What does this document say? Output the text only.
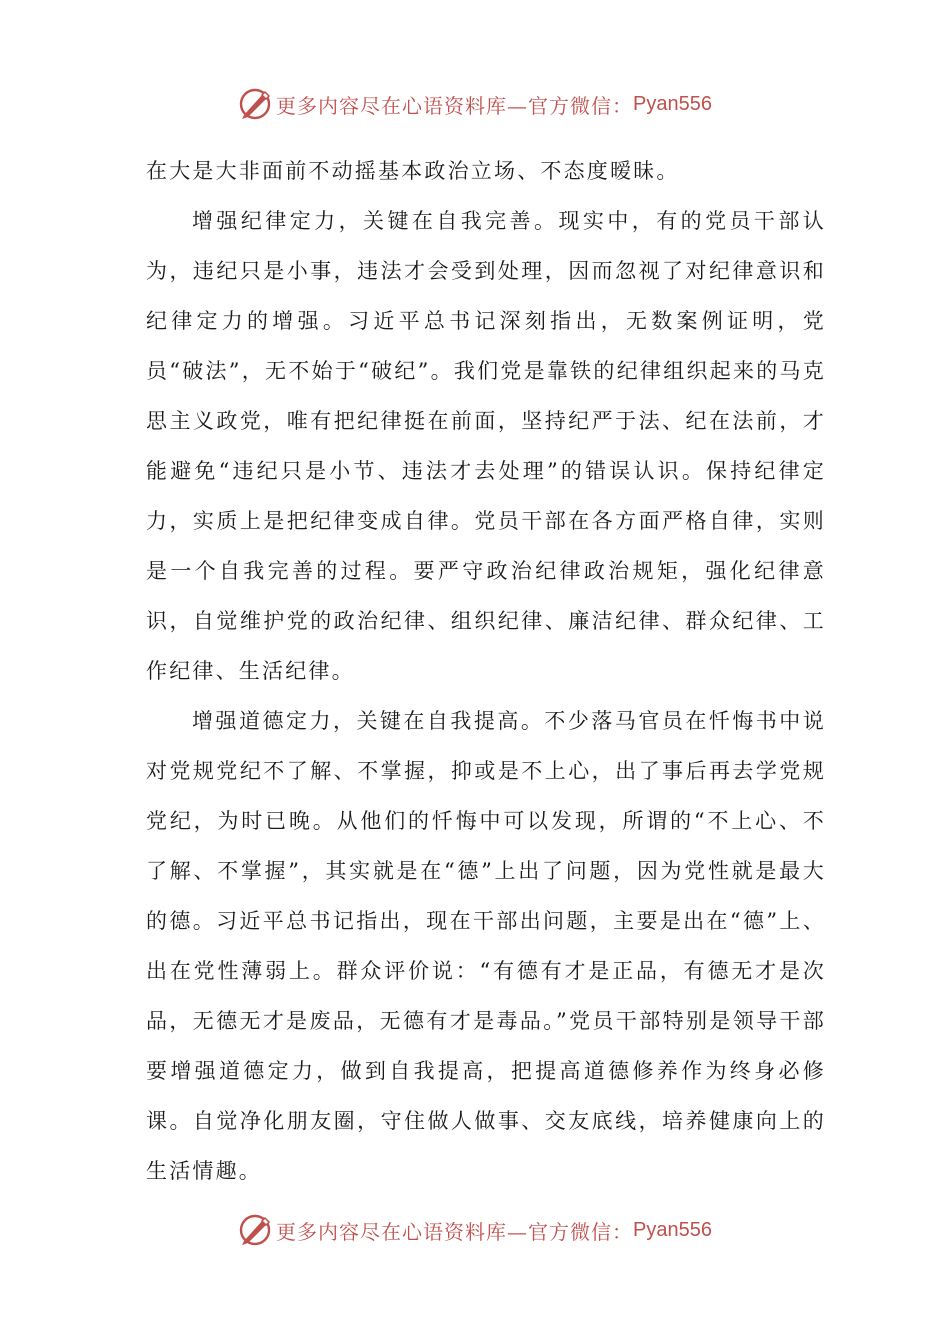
更多内容尽在心语资料库—官方微信： Pyan556

在大是大非面前不动摇基本政治立场、不态度暧昧。

增强纪律定力，关键在自我完善。现实中，有的党员干部认为，违纪只是小事，违法才会受到处理，因而忽视了对纪律意识和纪律定力的增强。习近平总书记深刻指出，无数案例证明，党员“破法”，无不始于“破纪”。我们党是靠铁的纪律组织起来的马克思主义政党，唯有把纪律挺在前面，坚持纪严于法、纪在法前，才能避免“违纪只是小节、违法才去处理”的错误认识。保持纪律定力，实质上是把纪律变成自律。党员干部在各方面严格自律，实则是一个自我完善的过程。要严守政治纪律政治规矩，强化纪律意识，自觉维护党的政治纪律、组织纪律、廉洁纪律、群众纪律、工作纪律、生活纪律。

增强道德定力，关键在自我提高。不少落马官员在忏悔书中说对党规党纪不了解、不掌握，抑或是不上心，出了事后再去学党规党纪，为时已晚。从他们的忏悔中可以发现，所谓的“不上心、不了解、不掌握”，其实就是在“德”上出了问题，因为党性就是最大的德。习近平总书记指出，现在干部出问题，主要是出在“德”上、出在党性薄弱上。群众评价说：“有德有才是正品，有德无才是次品，无德无才是废品，无德有才是毒品。”党员干部特别是领导干部要增强道德定力，做到自我提高，把提高道德修养作为终身必修课。自觉净化朋友圈，守住做人做事、交友底线，培养健康向上的生活情趣。

更多内容尽在心语资料库—官方微信： Pyan556
